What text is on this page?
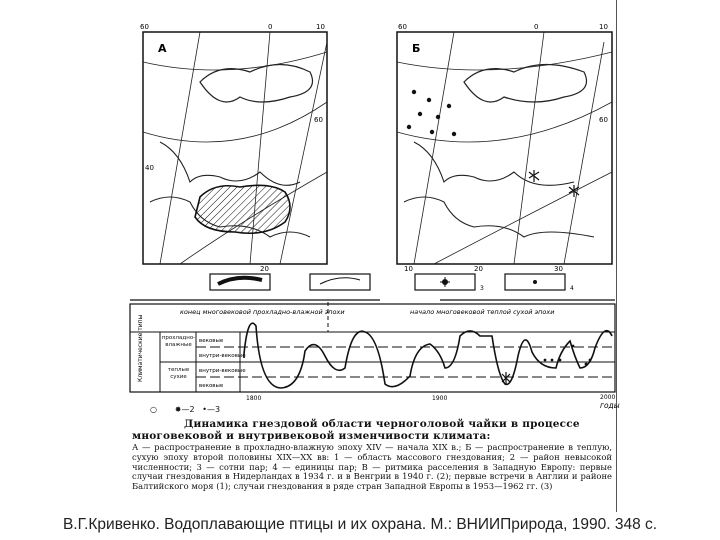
А
60	0	10
40
60
20
Б
60	0	10
60
10	20	30
3	4
конец многовековой прохладно-влажной эпохи	начало многовековой теплой сухой эпохи
Климатические типы	вековые
внутри-вековые
внутри-вековые
вековые
1800	1900	2000
годы
прохладно-влажные
теплые сухие
○ ✸—2 •—3
Динамика гнездовой области черноголовой чайки в процессе многовековой и внутривековой изменчивости климата:
А — распространение в прохладно-влажную эпоху XIV — начала XIX в.; Б — распространение в теплую, сухую эпоху второй половины XIX—XX вв: 1 — область массового гнездования; 2 — район невысокой численности; 3 — сотни пар; 4 — единицы пар; В — ритмика расселения в Западную Европу: первые случаи гнездования в Нидерландах в 1934 г. и в Венгрии в 1940 г. (2); первые встречи в Англии и районе Балтийского моря (1); случаи гнездования в ряде стран Западной Европы в 1953—1962 гг. (3)
В.Г.Кривенко. Водоплавающие птицы и их охрана. М.: ВНИИПрирода, 1990. 348 с.
